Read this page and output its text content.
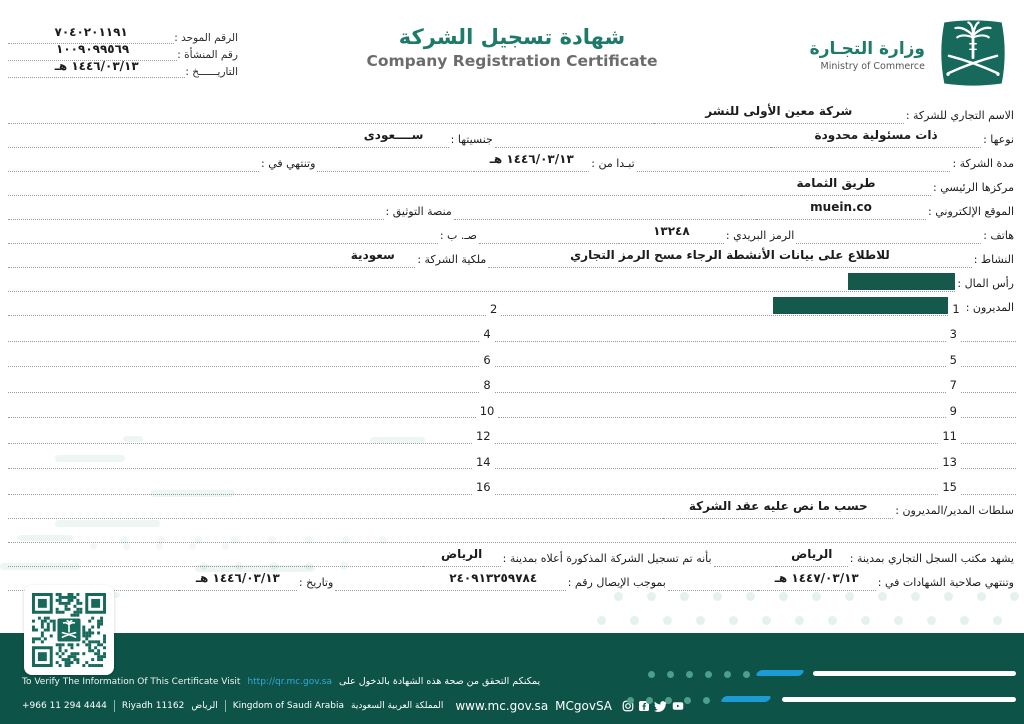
الرقم الموحد :
٧٠٤٠٢٠١١٩١
رقم المنشأة :
١٠٠٩٠٩٩٥٦٩
التاريــــــخ :
١٤٤٦/٠٣/١٣ هـ
شهادة تسجيل الشركة
Company Registration Certificate
وزارة التجـارة
Ministry of Commerce
الاسم التجاري للشركة :
شركة معين الأولى للنشر
نوعها :
ذات مسئولية محدودة
جنسيتها :
ســــعودى
مدة الشركة :
تبـدا من :
١٤٤٦/٠٣/١٣ هـ
وتنتهي في :
مركزها الرئيسي :
طريق الثمامة
الموقع الإلكتروني :
muein.co
منصة التوثيق :
هاتف :
الرمز البريدي :
١٣٢٤٨
صـ. ب :
النشاط :
للاطلاع على بيانات الأنشطة الرجاء مسح الرمز التجاري
ملكية الشركة :
سعودية
رأس المال :
المديرون :
1
2
3
4
5
6
7
8
9
10
11
12
13
14
15
16
سلطات المدير/المديرون :
حسب ما نص عليه عقد الشركة
يشهد مكتب السجل التجاري بمدينة :
الرياض
بأنه تم تسجيل الشركة المذكورة أعلاه بمدينة :
الرياض
وتنتهي صلاحية الشهادات في :
١٤٤٧/٠٣/١٣ هـ
بموجب الإيصال رقم :
٢٤٠٩١٣٢٥٩٧٨٤
وتاريخ :
١٤٤٦/٠٣/١٣ هـ
To Verify The Information Of This Certificate Visit http://qr.mc.gov.sa يمكنكم التحقق من صحة هذه الشهادة بالدخول على
+966 11 294 4444 Riyadh 11162 الرياض Kingdom of Saudi Arabia المملكة العربية السعودية www.mc.gov.sa MCgovSA
